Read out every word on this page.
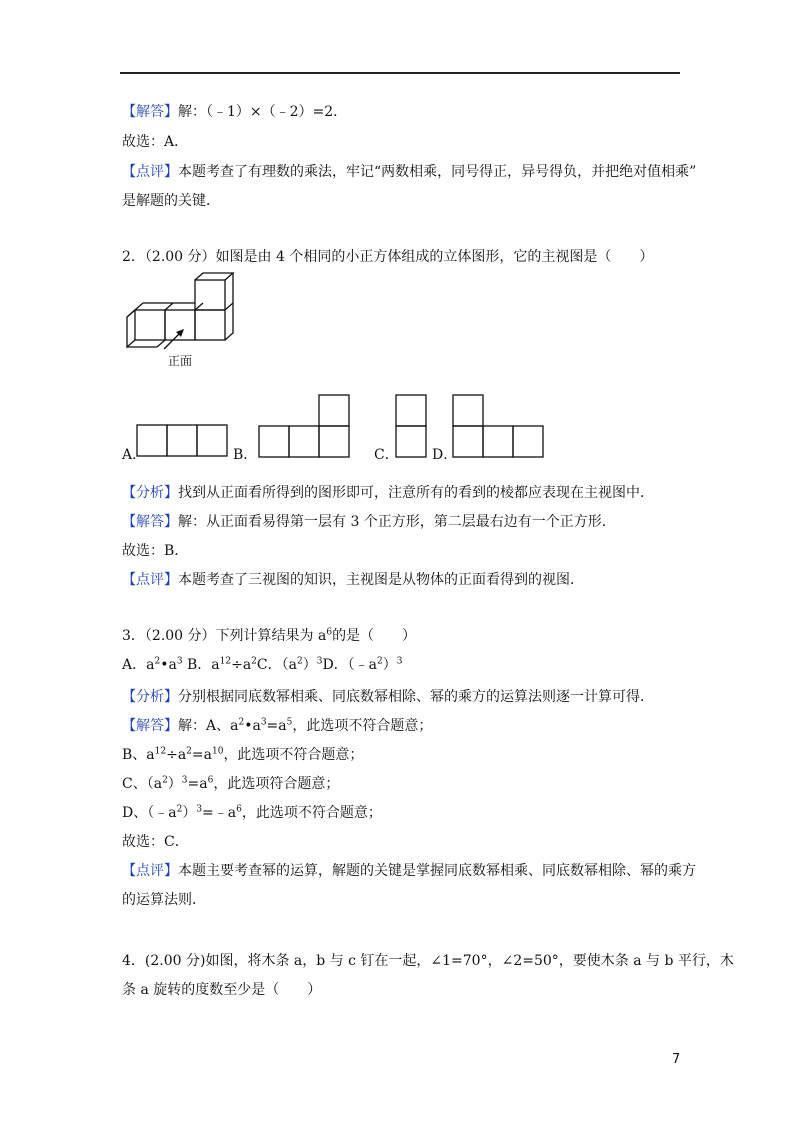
【解答】解：（﹣1）×（﹣2）=2．
故选：A．
【点评】本题考查了有理数的乘法，牢记“两数相乘，同号得正，异号得负，并把绝对值相乘”
是解题的关键．
2．（2.00 分）如图是由 4 个相同的小正方体组成的立体图形，它的主视图是（　　）
正面
A．	B．	C． D．
【分析】找到从正面看所得到的图形即可，注意所有的看到的棱都应表现在主视图中．
【解答】解：从正面看易得第一层有 3 个正方形，第二层最右边有一个正方形．
故选：B．
【点评】本题考查了三视图的知识，主视图是从物体的正面看得到的视图．
3．（2.00 分）下列计算结果为 $a^6$的是（　　）
A．$a^2•a^3$ B．$a^{12}\div a^2C$．$(a^2)^3D$．$(﹣a^2)^3$
【分析】分别根据同底数幂相乘、同底数幂相除、幂的乘方的运算法则逐一计算可得．
【解答】解：A、$a^2•a^3=a^5$，此选项不符合题意；
B、$a^{12}\div a^2=a^{10}$，此选项不符合题意；
C、$(a^2)^3=a^6$，此选项符合题意；
D、$(﹣a^2)^3=﹣a^6$，此选项不符合题意；
故选：C．
【点评】本题主要考查幂的运算，解题的关键是掌握同底数幂相乘、同底数幂相除、幂的乘方
的运算法则．
4．(2.00 分)如图，将木条 a，b 与 c 钉在一起，∠1=70°，∠2=50°，要使木条 a 与 b 平行，木
条 a 旋转的度数至少是（　　）
7
